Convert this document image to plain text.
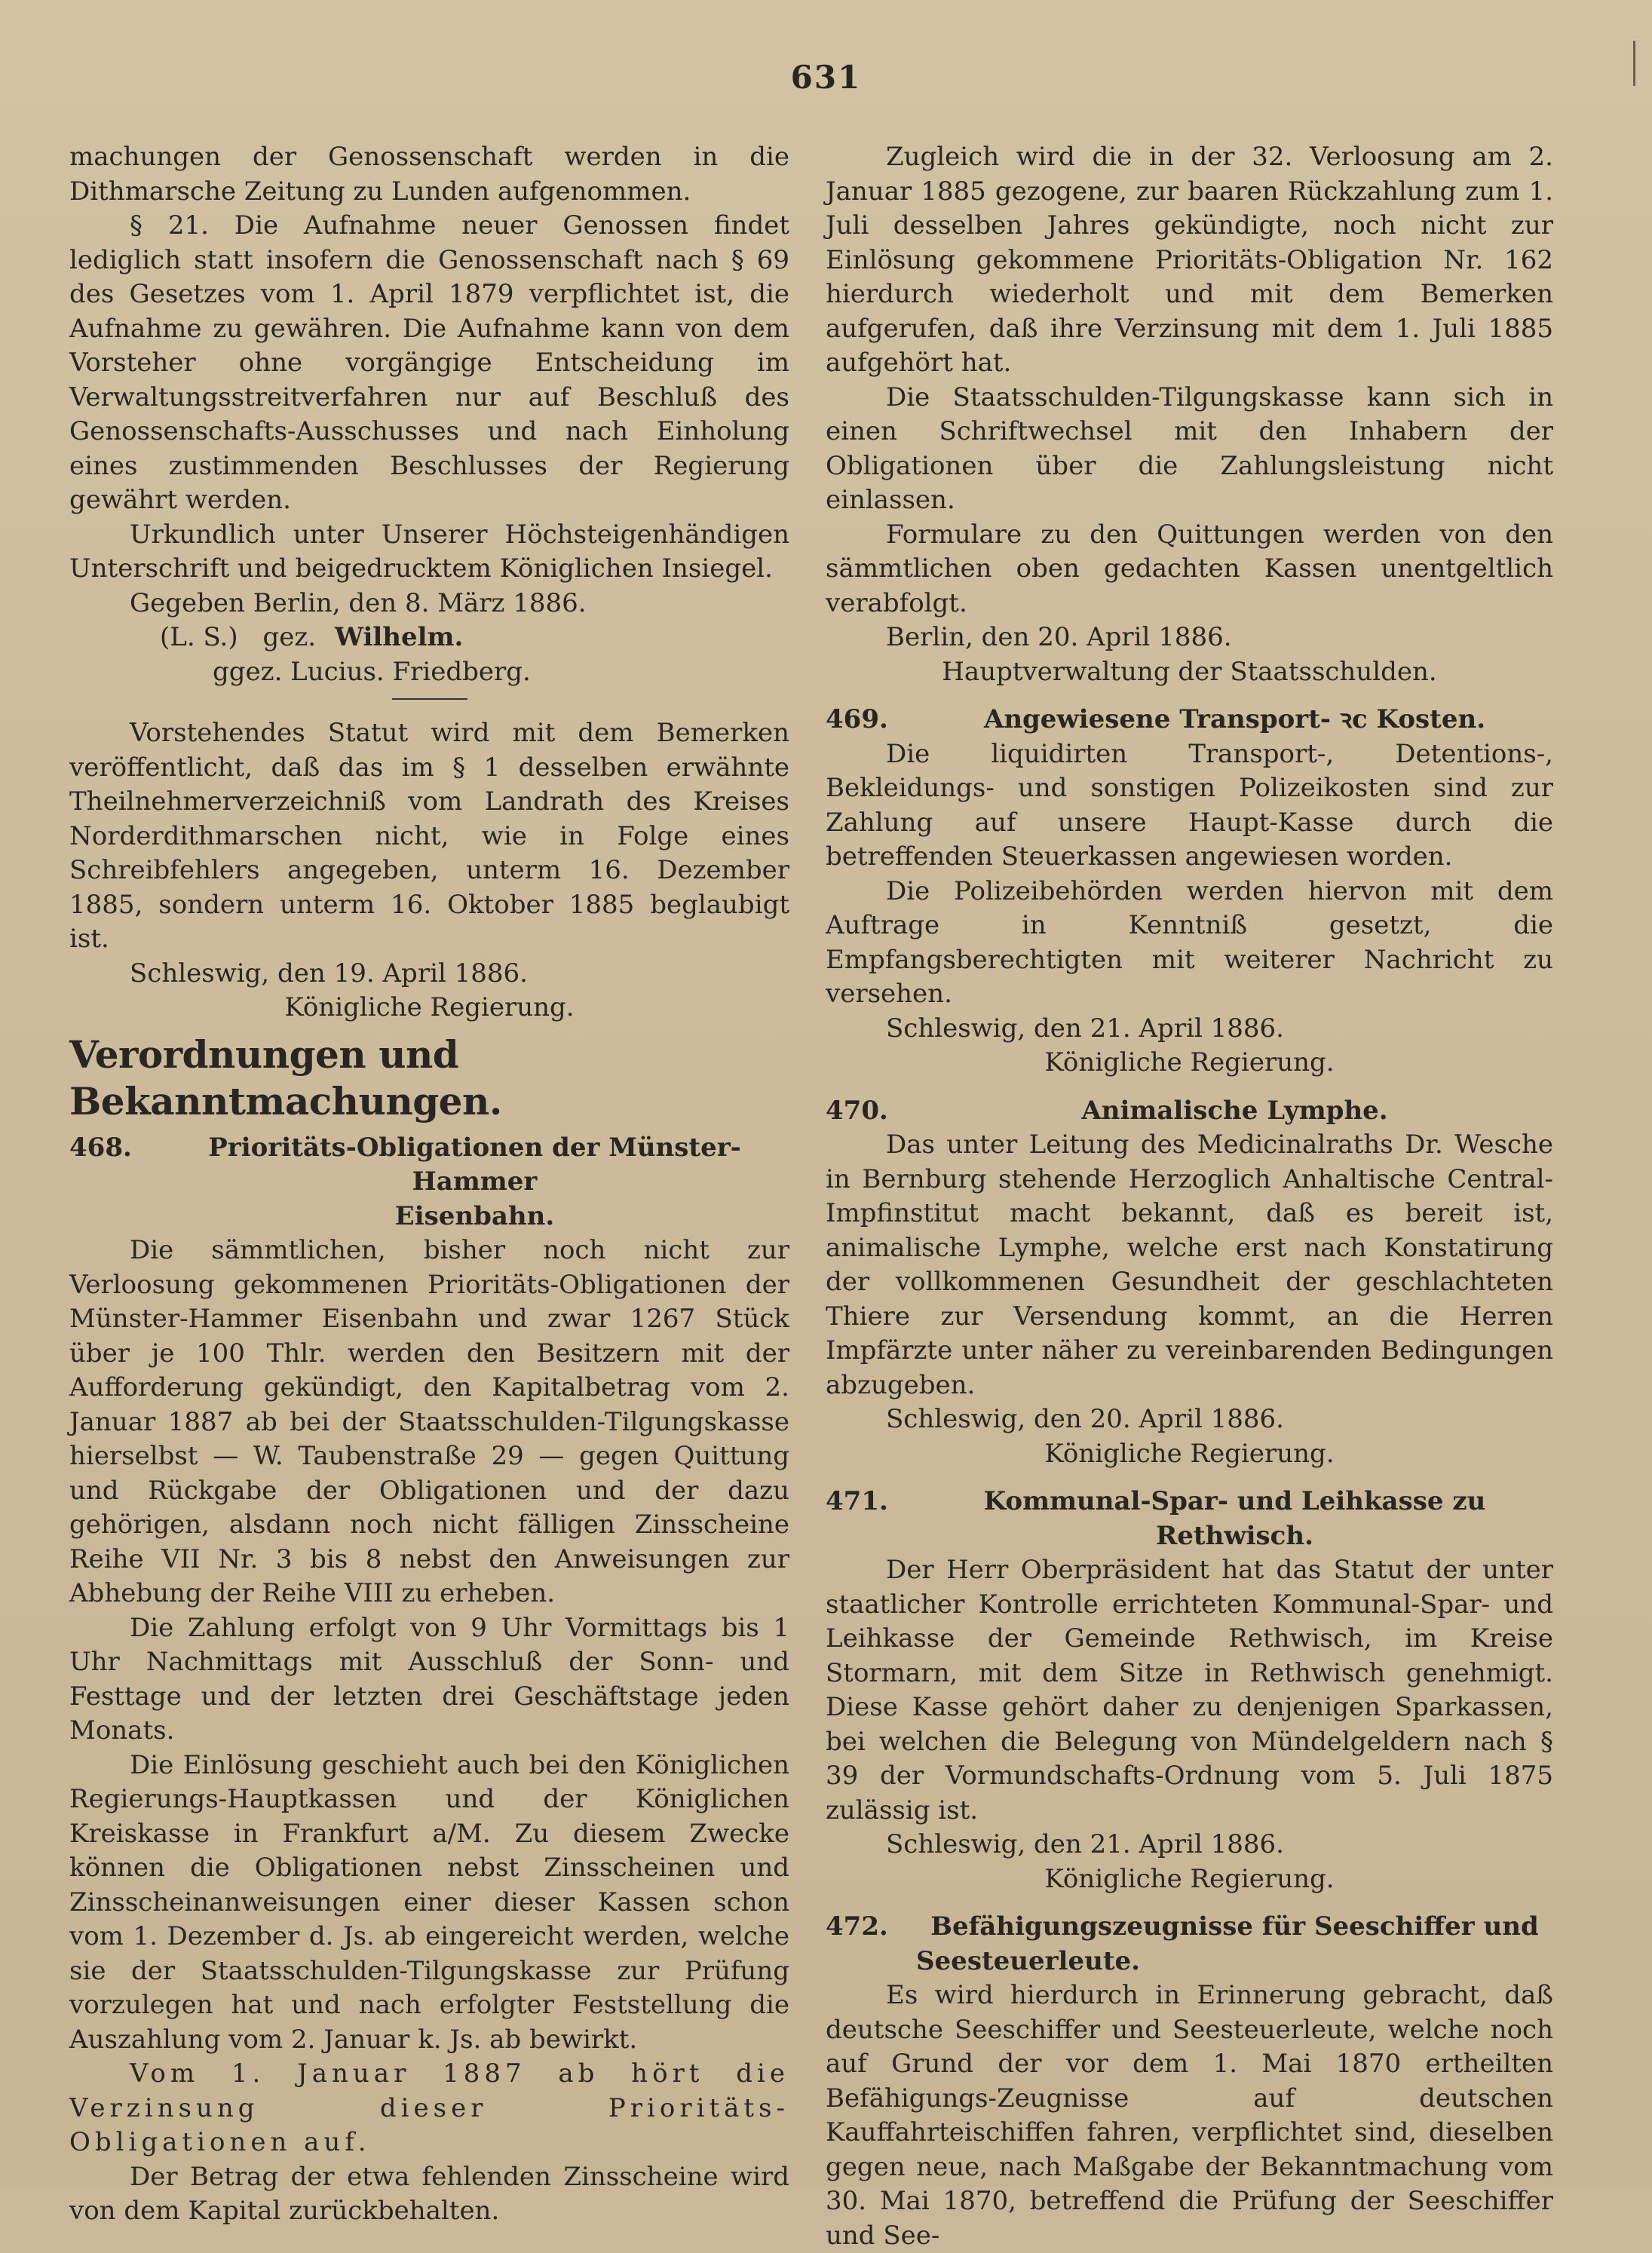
631

machungen der Genossenschaft werden in die Dithmarsche Zeitung zu Lunden aufgenommen.

§ 21. Die Aufnahme neuer Genossen findet lediglich statt insofern die Genossenschaft nach § 69 des Gesetzes vom 1. April 1879 verpflichtet ist, die Aufnahme zu gewähren. Die Aufnahme kann von dem Vorsteher ohne vorgängige Entscheidung im Verwaltungsstreitverfahren nur auf Beschluß des Genossenschafts-Ausschusses und nach Einholung eines zustimmenden Beschlusses der Regierung gewährt werden.

Urkundlich unter Unserer Höchsteigenhändigen Unterschrift und beigedrucktem Königlichen Insiegel.

Gegeben Berlin, den 8. März 1886.

(L. S.) gez. Wilhelm.

ggez. Lucius. Friedberg.

Vorstehendes Statut wird mit dem Bemerken veröffentlicht, daß das im § 1 desselben erwähnte Theilnehmerverzeichniß vom Landrath des Kreises Norderdithmarschen nicht, wie in Folge eines Schreibfehlers angegeben, unterm 16. Dezember 1885, sondern unterm 16. Oktober 1885 beglaubigt ist.

Schleswig, den 19. April 1886.

Königliche Regierung.

Verordnungen und Bekanntmachungen.
468.	Prioritäts-Obligationen der Münster-Hammer

Eisenbahn.

Die sämmtlichen, bisher noch nicht zur Verloosung gekommenen Prioritäts-Obligationen der Münster-Hammer Eisenbahn und zwar 1267 Stück über je 100 Thlr. werden den Besitzern mit der Aufforderung gekündigt, den Kapitalbetrag vom 2. Januar 1887 ab bei der Staatsschulden-Tilgungskasse hierselbst — W. Taubenstraße 29 — gegen Quittung und Rückgabe der Obligationen und der dazu gehörigen, alsdann noch nicht fälligen Zinsscheine Reihe VII Nr. 3 bis 8 nebst den Anweisungen zur Abhebung der Reihe VIII zu erheben.

Die Zahlung erfolgt von 9 Uhr Vormittags bis 1 Uhr Nachmittags mit Ausschluß der Sonn- und Festtage und der letzten drei Geschäftstage jeden Monats.

Die Einlösung geschieht auch bei den Königlichen Regierungs-Hauptkassen und der Königlichen Kreiskasse in Frankfurt a/M. Zu diesem Zwecke können die Obligationen nebst Zinsscheinen und Zinsscheinanweisungen einer dieser Kassen schon vom 1. Dezember d. Js. ab eingereicht werden, welche sie der Staatsschulden-Tilgungskasse zur Prüfung vorzulegen hat und nach erfolgter Feststellung die Auszahlung vom 2. Januar k. Js. ab bewirkt.

Vom 1. Januar 1887 ab hört die Verzinsung dieser Prioritäts-Obligationen auf.

Der Betrag der etwa fehlenden Zinsscheine wird von dem Kapital zurückbehalten.

Zugleich wird die in der 32. Verloosung am 2. Januar 1885 gezogene, zur baaren Rückzahlung zum 1. Juli desselben Jahres gekündigte, noch nicht zur Einlösung gekommene Prioritäts-Obligation Nr. 162 hierdurch wiederholt und mit dem Bemerken aufgerufen, daß ihre Verzinsung mit dem 1. Juli 1885 aufgehört hat.

Die Staatsschulden-Tilgungskasse kann sich in einen Schriftwechsel mit den Inhabern der Obligationen über die Zahlungsleistung nicht einlassen.

Formulare zu den Quittungen werden von den sämmtlichen oben gedachten Kassen unentgeltlich verabfolgt.

Berlin, den 20. April 1886.

Hauptverwaltung der Staatsschulden.

469.	Angewiesene Transport- ꝛc Kosten.

Die liquidirten Transport-, Detentions-, Bekleidungs- und sonstigen Polizeikosten sind zur Zahlung auf unsere Haupt-Kasse durch die betreffenden Steuerkassen angewiesen worden.

Die Polizeibehörden werden hiervon mit dem Auftrage in Kenntniß gesetzt, die Empfangsberechtigten mit weiterer Nachricht zu versehen.

Schleswig, den 21. April 1886.

Königliche Regierung.

470.	Animalische Lymphe.

Das unter Leitung des Medicinalraths Dr. Wesche in Bernburg stehende Herzoglich Anhaltische Central-Impfinstitut macht bekannt, daß es bereit ist, animalische Lymphe, welche erst nach Konstatirung der vollkommenen Gesundheit der geschlachteten Thiere zur Versendung kommt, an die Herren Impfärzte unter näher zu vereinbarenden Bedingungen abzugeben.

Schleswig, den 20. April 1886.

Königliche Regierung.

471.	Kommunal-Spar- und Leihkasse zu Rethwisch.

Der Herr Oberpräsident hat das Statut der unter staatlicher Kontrolle errichteten Kommunal-Spar- und Leihkasse der Gemeinde Rethwisch, im Kreise Stormarn, mit dem Sitze in Rethwisch genehmigt. Diese Kasse gehört daher zu denjenigen Sparkassen, bei welchen die Belegung von Mündelgeldern nach § 39 der Vormundschafts-Ordnung vom 5. Juli 1875 zulässig ist.

Schleswig, den 21. April 1886.

Königliche Regierung.

472.	Befähigungszeugnisse für Seeschiffer und

Seesteuerleute.

Es wird hierdurch in Erinnerung gebracht, daß deutsche Seeschiffer und Seesteuerleute, welche noch auf Grund der vor dem 1. Mai 1870 ertheilten Befähigungs-Zeugnisse auf deutschen Kauffahrteischiffen fahren, verpflichtet sind, dieselben gegen neue, nach Maßgabe der Bekanntmachung vom 30. Mai 1870, betreffend die Prüfung der Seeschiffer und See-
